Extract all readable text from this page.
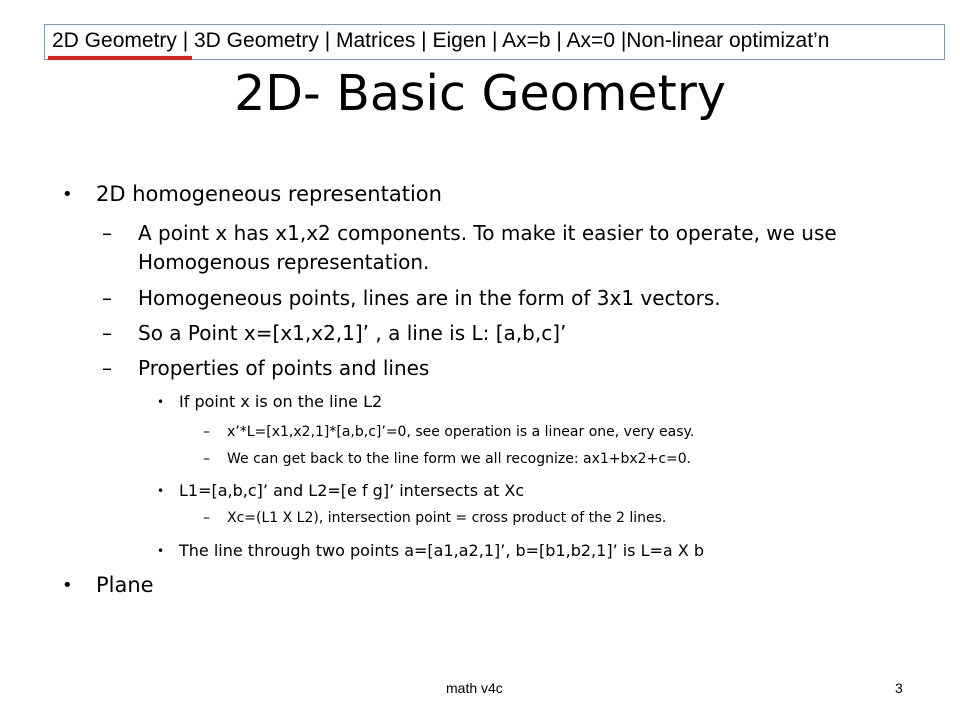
2D Geometry | 3D Geometry | Matrices | Eigen | Ax=b | Ax=0 |Non-linear optimizat’n
2D- Basic Geometry
• 2D homogeneous representation
– A point x has x1,x2 components. To make it easier to operate, we use
Homogenous representation.
– Homogeneous points, lines are in the form of 3x1 vectors.
– So a Point x=[x1,x2,1]’ , a line is L: [a,b,c]’
– Properties of points and lines
• If point x is on the line L2
– x’*L=[x1,x2,1]*[a,b,c]’=0, see operation is a linear one, very easy.
– We can get back to the line form we all recognize: ax1+bx2+c=0.
• L1=[a,b,c]’ and L2=[e f g]’ intersects at Xc
– Xc=(L1 X L2), intersection point = cross product of the 2 lines.
• The line through two points a=[a1,a2,1]’, b=[b1,b2,1]’ is L=a X b
• Plane
math v4c	3
